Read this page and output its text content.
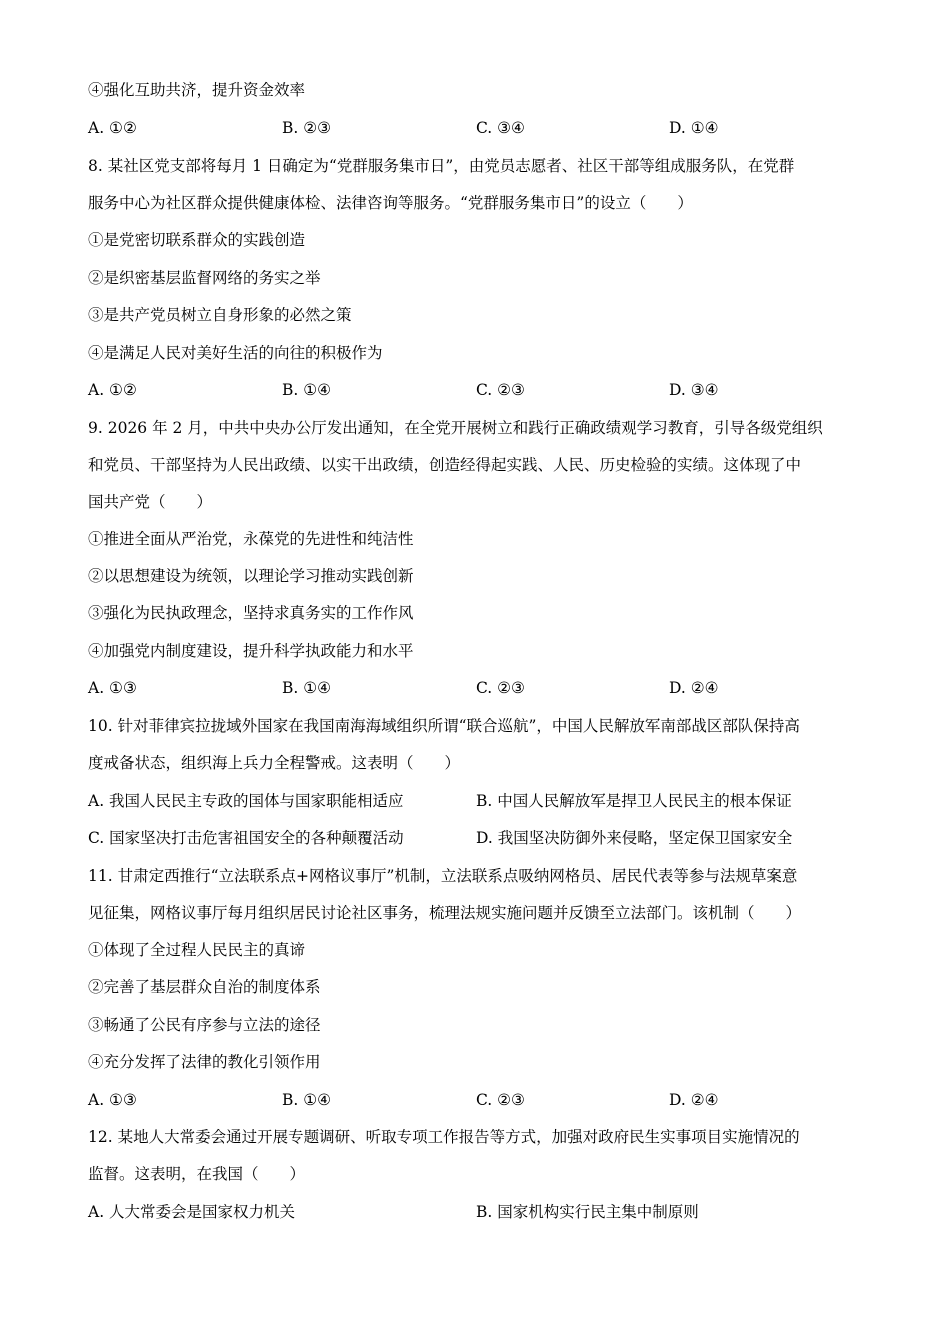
④强化互助共济，提升资金效率
A. ①②	B. ②③	C. ③④	D. ①④
8. 某社区党支部将每月 1 日确定为“党群服务集市日”，由党员志愿者、社区干部等组成服务队，在党群
服务中心为社区群众提供健康体检、法律咨询等服务。“党群服务集市日”的设立（　　）
①是党密切联系群众的实践创造
②是织密基层监督网络的务实之举
③是共产党员树立自身形象的必然之策
④是满足人民对美好生活的向往的积极作为
A. ①②	B. ①④	C. ②③	D. ③④
9. 2026 年 2 月，中共中央办公厅发出通知，在全党开展树立和践行正确政绩观学习教育，引导各级党组织
和党员、干部坚持为人民出政绩、以实干出政绩，创造经得起实践、人民、历史检验的实绩。这体现了中
国共产党（　　）
①推进全面从严治党，永葆党的先进性和纯洁性
②以思想建设为统领，以理论学习推动实践创新
③强化为民执政理念，坚持求真务实的工作作风
④加强党内制度建设，提升科学执政能力和水平
A. ①③	B. ①④	C. ②③	D. ②④
10. 针对菲律宾拉拢域外国家在我国南海海域组织所谓“联合巡航”，中国人民解放军南部战区部队保持高
度戒备状态，组织海上兵力全程警戒。这表明（　　）
A. 我国人民民主专政的国体与国家职能相适应	B. 中国人民解放军是捍卫人民民主的根本保证
C. 国家坚决打击危害祖国安全的各种颠覆活动	D. 我国坚决防御外来侵略，坚定保卫国家安全
11. 甘肃定西推行“立法联系点+网格议事厅”机制，立法联系点吸纳网格员、居民代表等参与法规草案意
见征集，网格议事厅每月组织居民讨论社区事务，梳理法规实施问题并反馈至立法部门。该机制（　　）
①体现了全过程人民民主的真谛
②完善了基层群众自治的制度体系
③畅通了公民有序参与立法的途径
④充分发挥了法律的教化引领作用
A. ①③	B. ①④	C. ②③	D. ②④
12. 某地人大常委会通过开展专题调研、听取专项工作报告等方式，加强对政府民生实事项目实施情况的
监督。这表明，在我国（　　）
A. 人大常委会是国家权力机关	B. 国家机构实行民主集中制原则
